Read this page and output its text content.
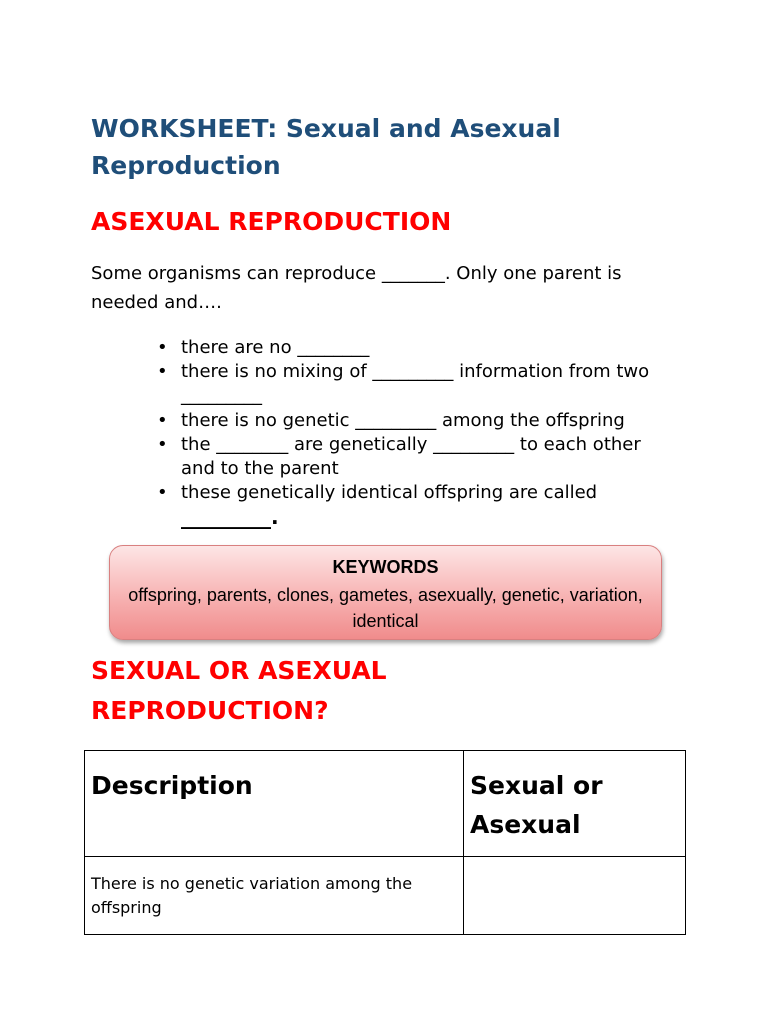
WORKSHEET: Sexual and Asexual Reproduction
ASEXUAL REPRODUCTION

Some organisms can reproduce _______. Only one parent is needed and….

• there are no ________
• there is no mixing of _________ information from two _________
• there is no genetic _________ among the offspring
• the ________ are genetically _________ to each other and to the parent
• these genetically identical offspring are called
_________.

KEYWORDS

offspring, parents, clones, gametes, asexually, genetic, variation, identical
SEXUAL OR ASEXUAL REPRODUCTION?
Description	Sexual or Asexual
There is no genetic variation among the offspring	
